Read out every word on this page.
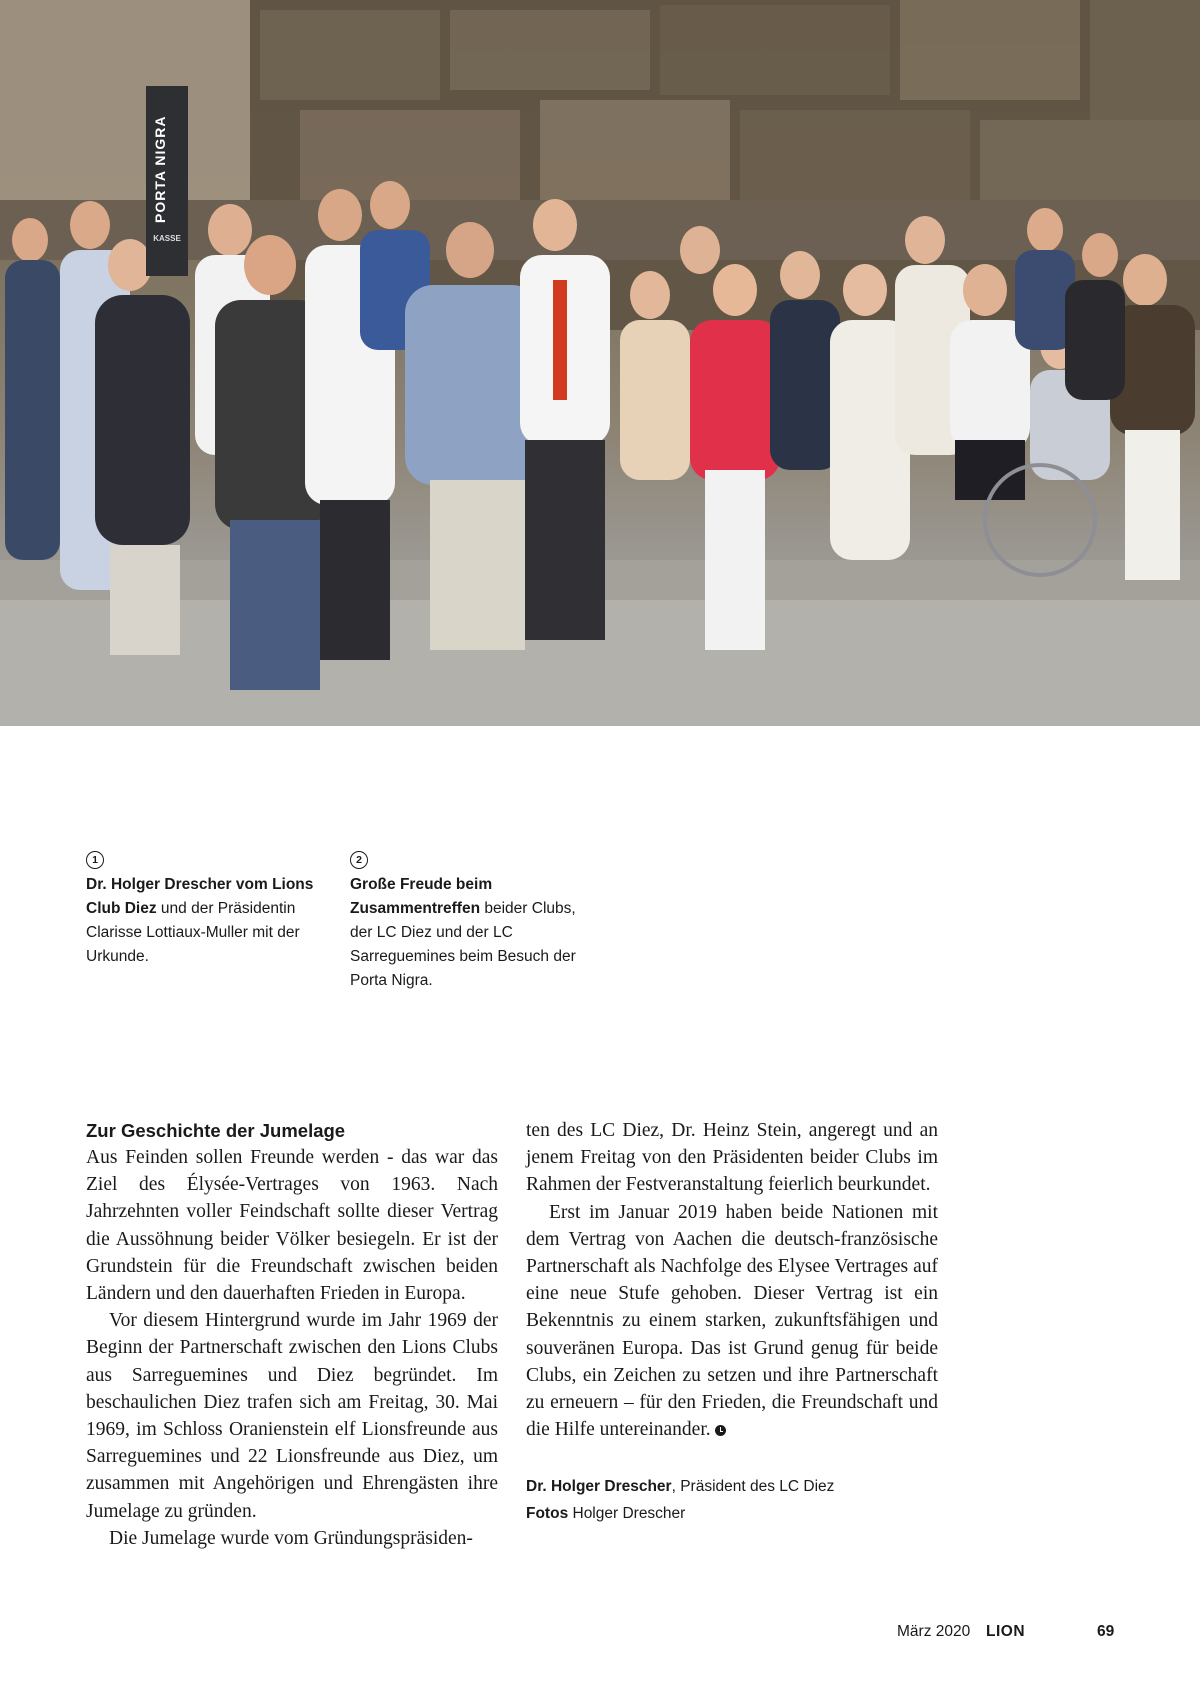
PORTA NIGRA
KASSE
1
Dr. Holger Drescher vom Lions Club Diez und der Präsidentin Clarisse Lottiaux-Muller mit der Urkunde.
2
Große Freude beim Zusammentreffen beider Clubs, der LC Diez und der LC Sarreguemines beim Besuch der Porta Nigra.
Zur Geschichte der Jumelage

Aus Feinden sollen Freunde werden - das war das Ziel des Élysée-Vertrages von 1963. Nach Jahrzehnten voller Feindschaft sollte dieser Vertrag die Aussöhnung beider Völker besiegeln. Er ist der Grundstein für die Freundschaft zwischen beiden Ländern und den dauerhaften Frieden in Europa.

Vor diesem Hintergrund wurde im Jahr 1969 der Beginn der Partnerschaft zwischen den Lions Clubs aus Sarreguemines und Diez begründet. Im beschaulichen Diez trafen sich am Freitag, 30. Mai 1969, im Schloss Oranienstein elf Lionsfreunde aus Sarreguemines und 22 Lionsfreunde aus Diez, um zusammen mit Angehörigen und Ehrengästen ihre Jumelage zu gründen.

Die Jumelage wurde vom Gründungspräsiden-

ten des LC Diez, Dr. Heinz Stein, angeregt und an jenem Freitag von den Präsidenten beider Clubs im Rahmen der Festveranstaltung feierlich beurkundet.

Erst im Januar 2019 haben beide Nationen mit dem Vertrag von Aachen die deutsch-französische Partnerschaft als Nachfolge des Elysee Vertrages auf eine neue Stufe gehoben. Dieser Vertrag ist ein Bekenntnis zu einem starken, zukunftsfähigen und souveränen Europa. Das ist Grund genug für beide Clubs, ein Zeichen zu setzen und ihre Partnerschaft zu erneuern – für den Frieden, die Freundschaft und die Hilfe untereinander.

Dr. Holger Drescher, Präsident des LC Diez
Fotos Holger Drescher
März 2020 LION	69
